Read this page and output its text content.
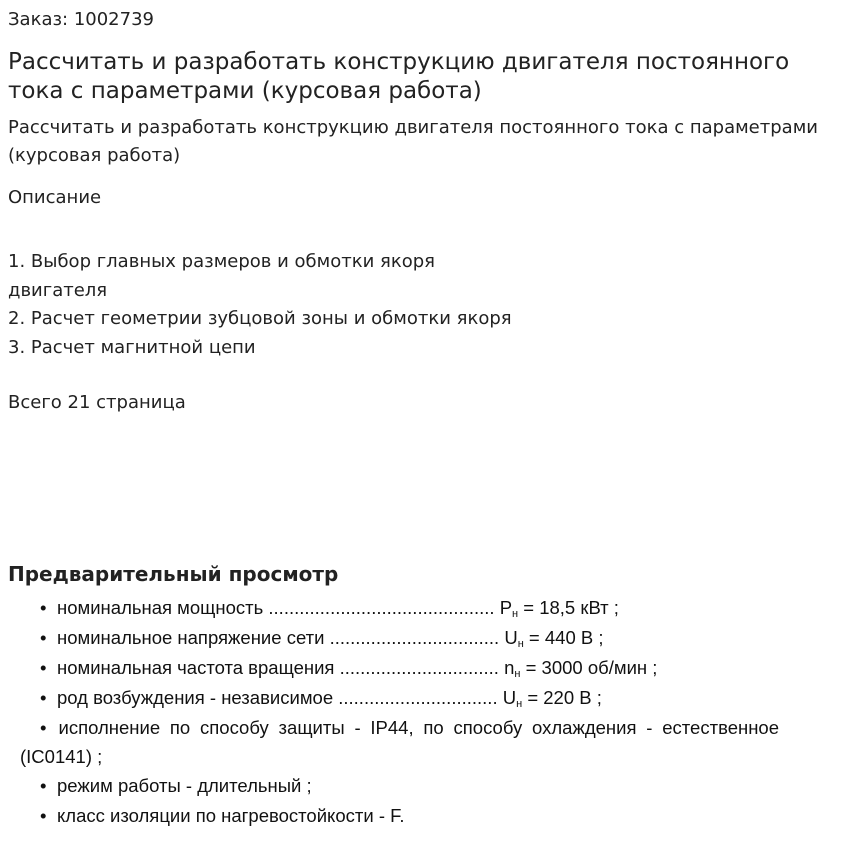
Заказ: 1002739
Рассчитать и разработать конструкцию двигателя постоянного тока с параметрами (курсовая работа)
Рассчитать и разработать конструкцию двигателя постоянного тока с параметрами (курсовая работа)
Описание
1. Выбор главных размеров и обмотки якоря
двигателя
2. Расчет геометрии зубцовой зоны и обмотки якоря
3. Расчет магнитной цепи
Всего 21 страница
Предварительный просмотр
• номинальная мощность ............................................ $P_н = 18,5$ кВт ;
• номинальное напряжение сети ................................. $U_н = 440$ В ;
• номинальная частота вращения ............................... $n_н = 3000$ об/мин ;
• род возбуждения - независимое ............................... $U_н = 220$ В ;
• исполнение по способу защиты - IP44, по способу охлаждения - естественное (IC0141) ;
• режим работы - длительный ;
• класс изоляции по нагревостойкости - F.
